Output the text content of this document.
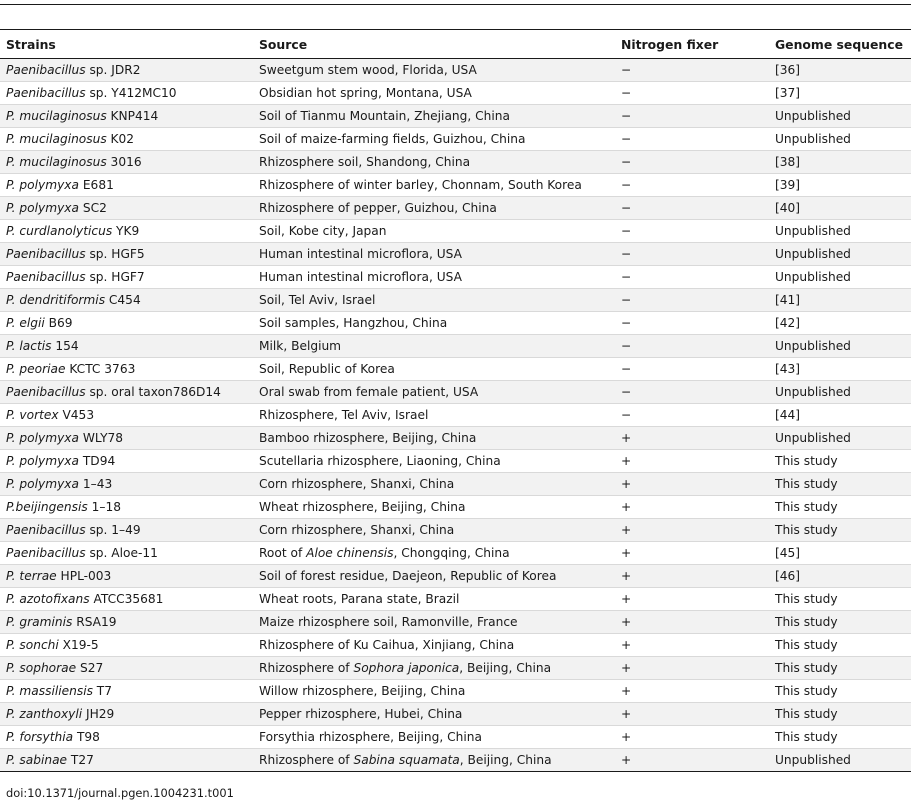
Strains	Source	Nitrogen fixer	Genome sequence
Paenibacillus sp. JDR2	Sweetgum stem wood, Florida, USA	−	[36]
Paenibacillus sp. Y412MC10	Obsidian hot spring, Montana, USA	−	[37]
P. mucilaginosus KNP414	Soil of Tianmu Mountain, Zhejiang, China	−	Unpublished
P. mucilaginosus K02	Soil of maize-farming fields, Guizhou, China	−	Unpublished
P. mucilaginosus 3016	Rhizosphere soil, Shandong, China	−	[38]
P. polymyxa E681	Rhizosphere of winter barley, Chonnam, South Korea	−	[39]
P. polymyxa SC2	Rhizosphere of pepper, Guizhou, China	−	[40]
P. curdlanolyticus YK9	Soil, Kobe city, Japan	−	Unpublished
Paenibacillus sp. HGF5	Human intestinal microflora, USA	−	Unpublished
Paenibacillus sp. HGF7	Human intestinal microflora, USA	−	Unpublished
P. dendritiformis C454	Soil, Tel Aviv, Israel	−	[41]
P. elgii B69	Soil samples, Hangzhou, China	−	[42]
P. lactis 154	Milk, Belgium	−	Unpublished
P. peoriae KCTC 3763	Soil, Republic of Korea	−	[43]
Paenibacillus sp. oral taxon786D14	Oral swab from female patient, USA	−	Unpublished
P. vortex V453	Rhizosphere, Tel Aviv, Israel	−	[44]
P. polymyxa WLY78	Bamboo rhizosphere, Beijing, China	+	Unpublished
P. polymyxa TD94	Scutellaria rhizosphere, Liaoning, China	+	This study
P. polymyxa 1–43	Corn rhizosphere, Shanxi, China	+	This study
P.beijingensis 1–18	Wheat rhizosphere, Beijing, China	+	This study
Paenibacillus sp. 1–49	Corn rhizosphere, Shanxi, China	+	This study
Paenibacillus sp. Aloe-11	Root of Aloe chinensis, Chongqing, China	+	[45]
P. terrae HPL-003	Soil of forest residue, Daejeon, Republic of Korea	+	[46]
P. azotofixans ATCC35681	Wheat roots, Parana state, Brazil	+	This study
P. graminis RSA19	Maize rhizosphere soil, Ramonville, France	+	This study
P. sonchi X19-5	Rhizosphere of Ku Caihua, Xinjiang, China	+	This study
P. sophorae S27	Rhizosphere of Sophora japonica, Beijing, China	+	This study
P. massiliensis T7	Willow rhizosphere, Beijing, China	+	This study
P. zanthoxyli JH29	Pepper rhizosphere, Hubei, China	+	This study
P. forsythia T98	Forsythia rhizosphere, Beijing, China	+	This study
P. sabinae T27	Rhizosphere of Sabina squamata, Beijing, China	+	Unpublished
doi:10.1371/journal.pgen.1004231.t001
